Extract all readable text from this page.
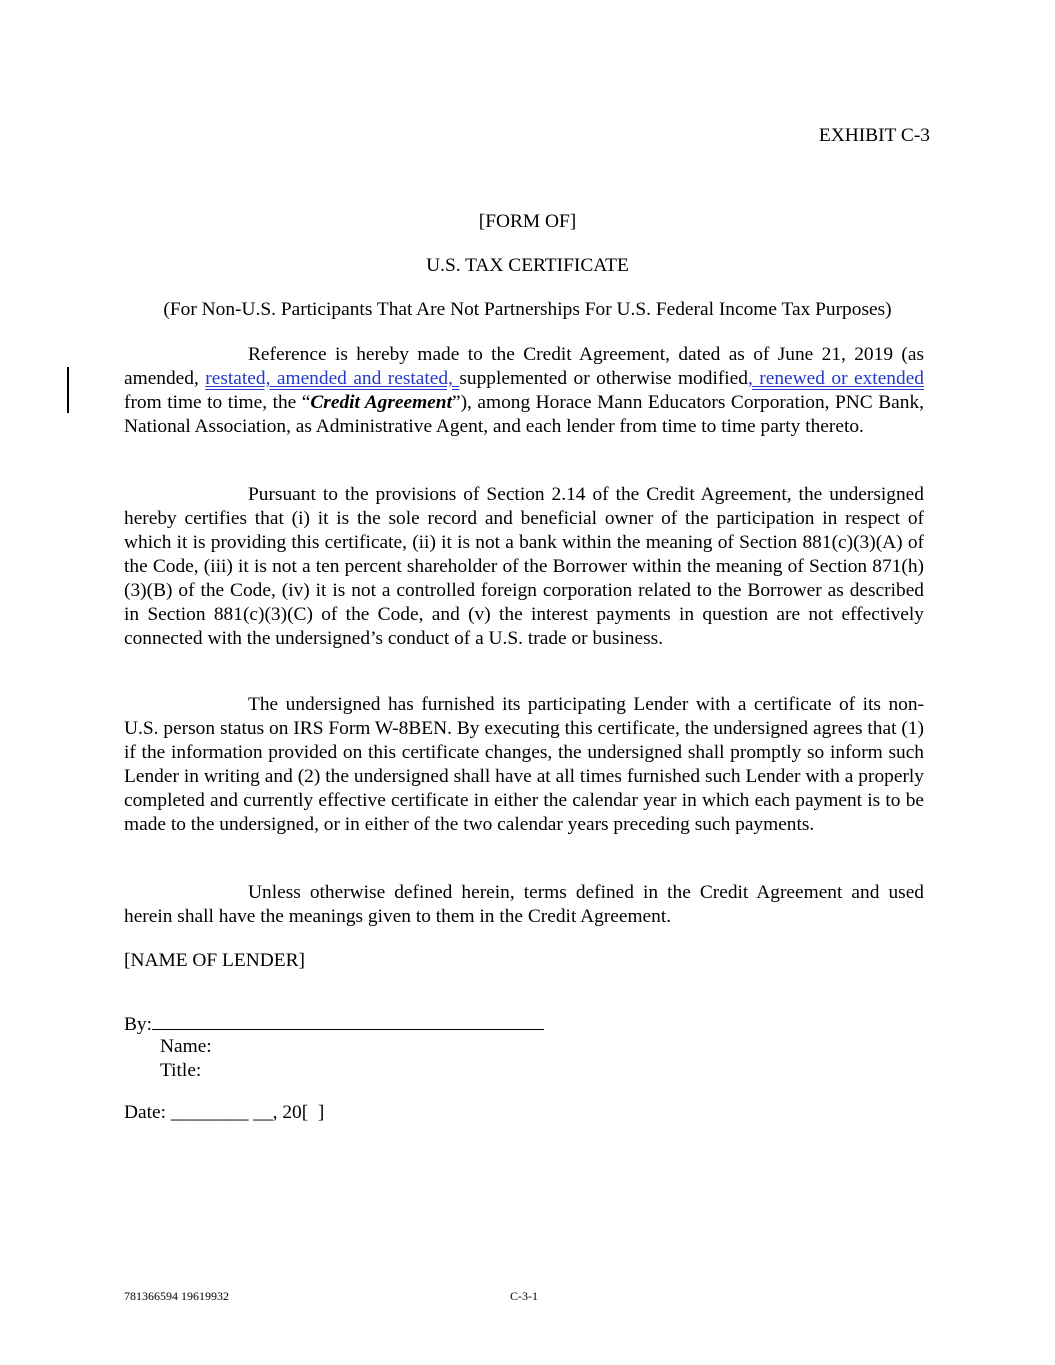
EXHIBIT C-3
[FORM OF]
U.S. TAX CERTIFICATE
(For Non-U.S. Participants That Are Not Partnerships For U.S. Federal Income Tax Purposes)
Reference is hereby made to the Credit Agreement, dated as of June 21, 2019 (as amended, restated, amended and restated, supplemented or otherwise modified, renewed or extended from time to time, the “Credit Agreement”), among Horace Mann Educators Corporation, PNC Bank, National Association, as Administrative Agent, and each lender from time to time party thereto.
Pursuant to the provisions of Section 2.14 of the Credit Agreement, the undersigned hereby certifies that (i) it is the sole record and beneficial owner of the participation in respect of which it is providing this certificate, (ii) it is not a bank within the meaning of Section 881(c)(3)(A) of the Code, (iii) it is not a ten percent shareholder of the Borrower within the meaning of Section 871(h)(3)(B) of the Code, (iv) it is not a controlled foreign corporation related to the Borrower as described in Section 881(c)(3)(C) of the Code, and (v) the interest payments in question are not effectively connected with the undersigned’s conduct of a U.S. trade or business.
The undersigned has furnished its participating Lender with a certificate of its non-U.S. person status on IRS Form W-8BEN. By executing this certificate, the undersigned agrees that (1) if the information provided on this certificate changes, the undersigned shall promptly so inform such Lender in writing and (2) the undersigned shall have at all times furnished such Lender with a properly completed and currently effective certificate in either the calendar year in which each payment is to be made to the undersigned, or in either of the two calendar years preceding such payments.
Unless otherwise defined herein, terms defined in the Credit Agreement and used herein shall have the meanings given to them in the Credit Agreement.
[NAME OF LENDER]
By:
Name:
Title:
Date: ________ __, 20[  ]
781366594 19619932	C-3-1
